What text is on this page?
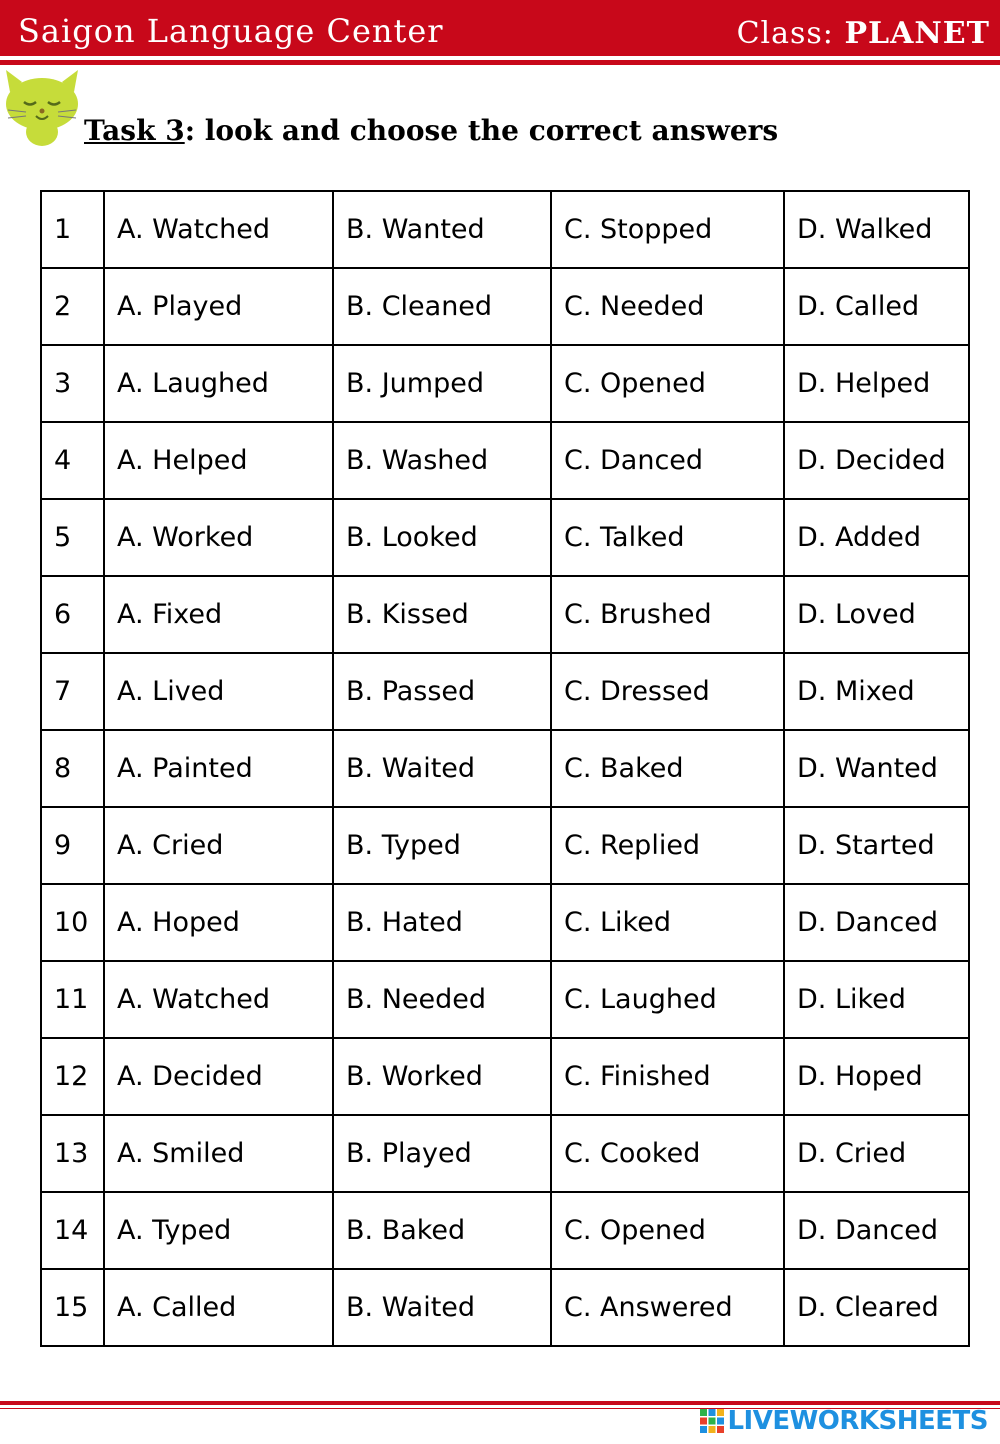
Saigon Language Center	Class: PLANET
Task 3: look and choose the correct answers
1	A. Watched	B. Wanted	C. Stopped	D. Walked
2	A. Played	B. Cleaned	C. Needed	D. Called
3	A. Laughed	B. Jumped	C. Opened	D. Helped
4	A. Helped	B. Washed	C. Danced	D. Decided
5	A. Worked	B. Looked	C. Talked	D. Added
6	A. Fixed	B. Kissed	C. Brushed	D. Loved
7	A. Lived	B. Passed	C. Dressed	D. Mixed
8	A. Painted	B. Waited	C. Baked	D. Wanted
9	A. Cried	B. Typed	C. Replied	D. Started
10	A. Hoped	B. Hated	C. Liked	D. Danced
11	A. Watched	B. Needed	C. Laughed	D. Liked
12	A. Decided	B. Worked	C. Finished	D. Hoped
13	A. Smiled	B. Played	C. Cooked	D. Cried
14	A. Typed	B. Baked	C. Opened	D. Danced
15	A. Called	B. Waited	C. Answered	D. Cleared
LIVEWORKSHEETS
